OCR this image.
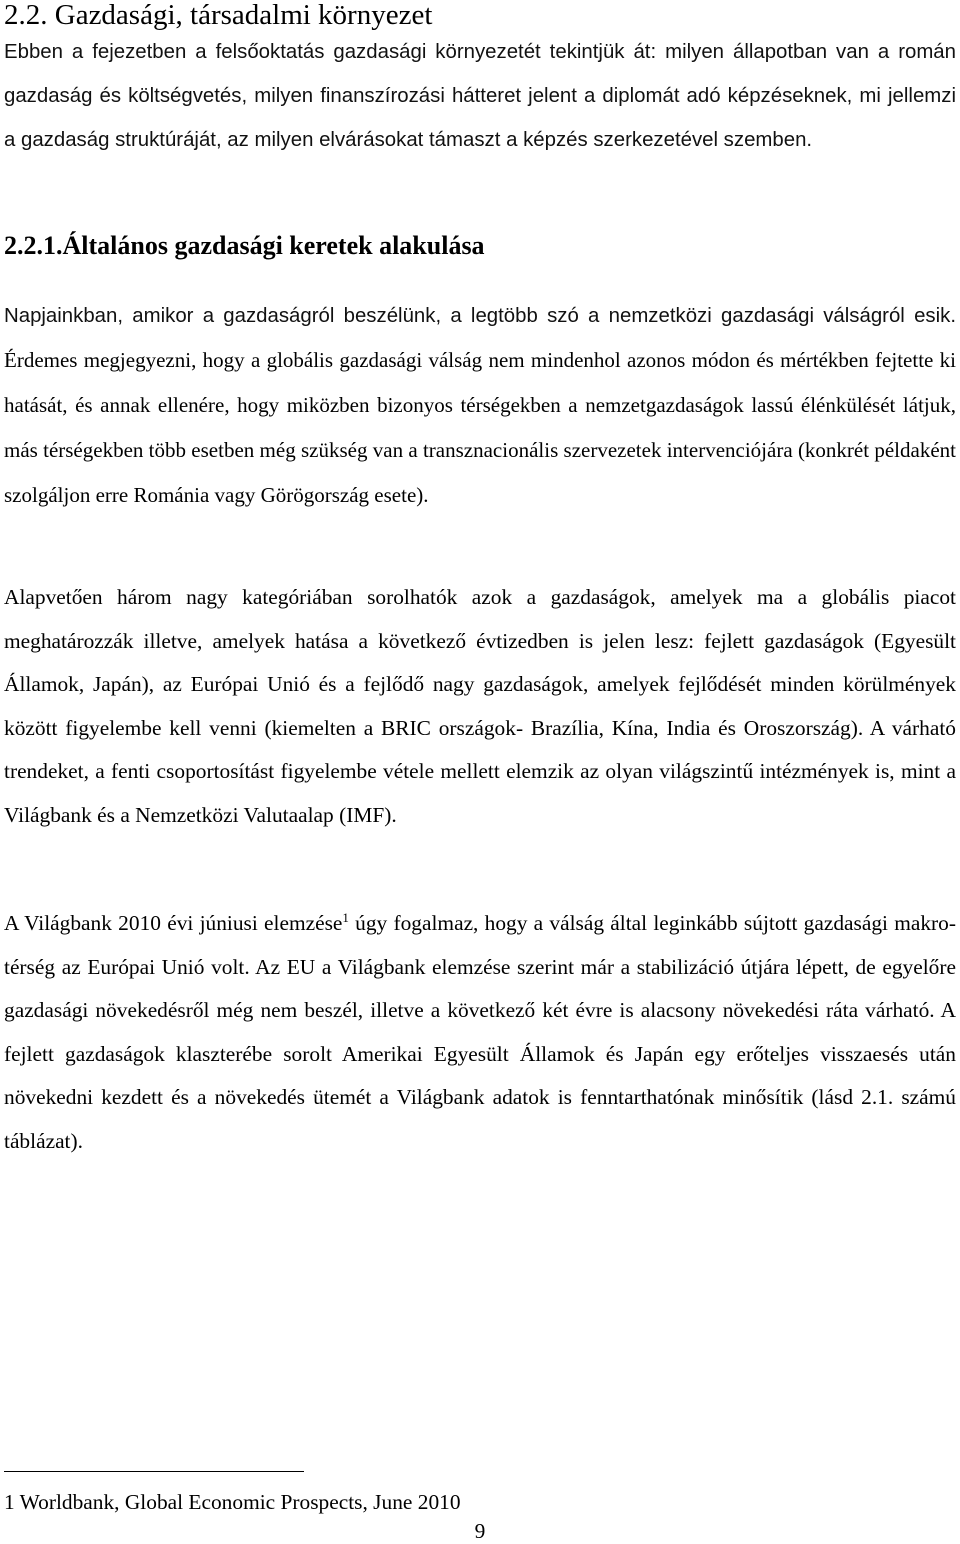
2.2. Gazdasági, társadalmi környezet

Ebben a fejezetben a felsőoktatás gazdasági környezetét tekintjük át: milyen állapotban van a román gazdaság és költségvetés, milyen finanszírozási hátteret jelent a diplomát adó képzéseknek, mi jellemzi a gazdaság struktúráját, az milyen elvárásokat támaszt a képzés szerkezetével szemben.

2.2.1.Általános gazdasági keretek alakulása

Napjainkban, amikor a gazdaságról beszélünk, a legtöbb szó a nemzetközi gazdasági válságról esik. Érdemes megjegyezni, hogy a globális gazdasági válság nem mindenhol azonos módon és mértékben fejtette ki hatását, és annak ellenére, hogy miközben bizonyos térségekben a nemzetgazdaságok lassú élénkülését látjuk, más térségekben több esetben még szükség van a transznacionális szervezetek intervenciójára (konkrét példaként szolgáljon erre Románia vagy Görögország esete).

Alapvetően három nagy kategóriában sorolhatók azok a gazdaságok, amelyek ma a globális piacot meghatározzák illetve, amelyek hatása a következő évtizedben is jelen lesz: fejlett gazdaságok (Egyesült Államok, Japán), az Európai Unió és a fejlődő nagy gazdaságok, amelyek fejlődését minden körülmények között figyelembe kell venni (kiemelten a BRIC országok- Brazília, Kína, India és Oroszország). A várható trendeket, a fenti csoportosítást figyelembe vétele mellett elemzik az olyan világszintű intézmények is, mint a Világbank és a Nemzetközi Valutaalap (IMF).

A Világbank 2010 évi júniusi elemzése$^1$ úgy fogalmaz, hogy a válság által leginkább sújtott gazdasági makro-térség az Európai Unió volt. Az EU a Világbank elemzése szerint már a stabilizáció útjára lépett, de egyelőre gazdasági növekedésről még nem beszél, illetve a következő két évre is alacsony növekedési ráta várható. A fejlett gazdaságok klaszterébe sorolt Amerikai Egyesült Államok és Japán egy erőteljes visszaesés után növekedni kezdett és a növekedés ütemét a Világbank adatok is fenntarthatónak minősítik (lásd 2.1. számú táblázat).

1 Worldbank, Global Economic Prospects, June 2010

9
